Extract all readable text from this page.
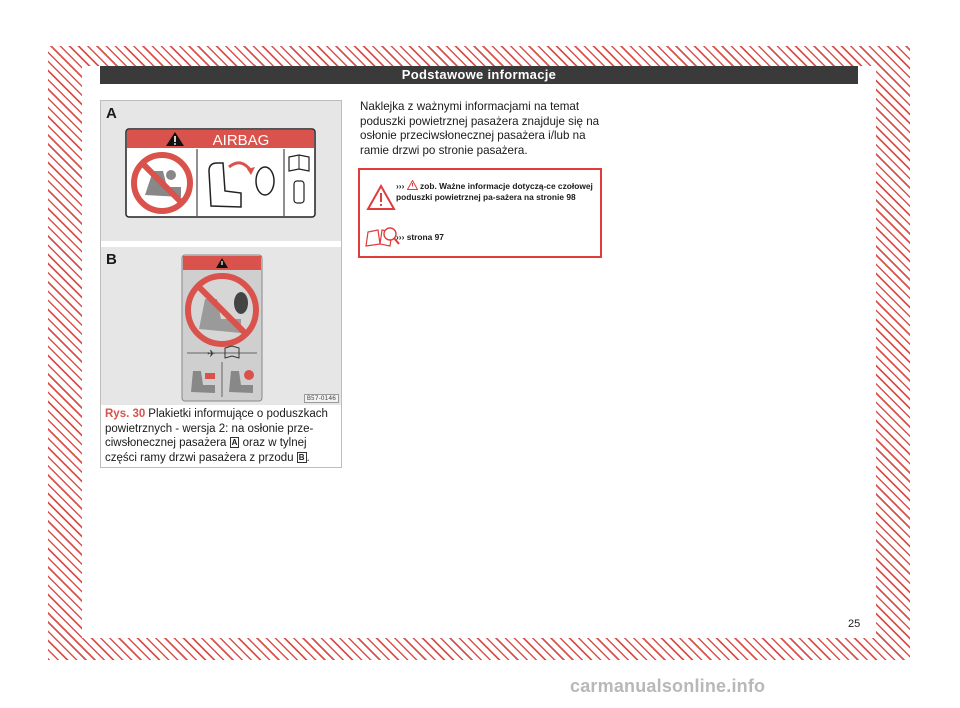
Podstawowe informacje
A
AIRBAG
B
✈
B57-0146
Rys. 30 Plakietki informujące o poduszkach powietrznych - wersja 2: na osłonie prze-ciwsłonecznej pasażera A oraz w tylnej części ramy drzwi pasażera z przodu B .
Naklejka z ważnymi informacjami na temat poduszki powietrznej pasażera znajduje się na osłonie przeciwsłonecznej pasażera i/lub na ramie drzwi po stronie pasażera.
››› zob. Ważne informacje dotyczą-ce czołowej poduszki powietrznej pa-sażera na stronie 98
››› strona 97
25
carmanualsonline.info
